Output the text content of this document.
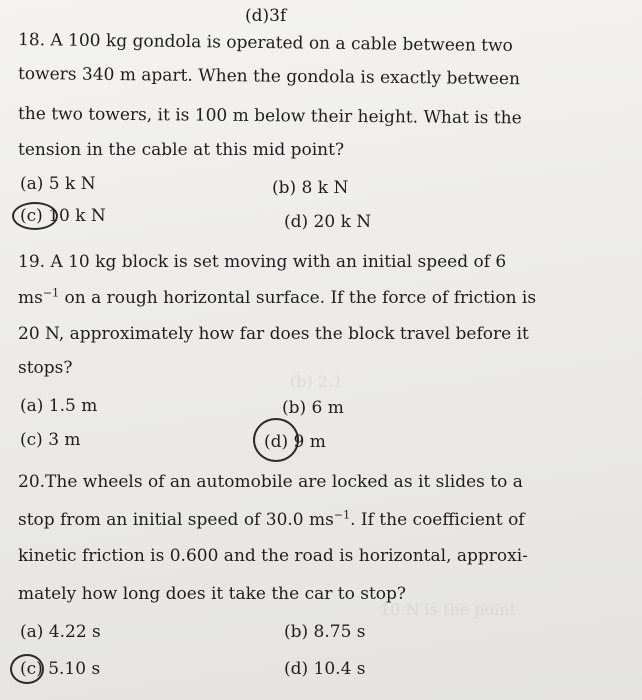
(b) 2.1
10 N is the point
(d)3f
18. A 100 kg gondola is operated on a cable between two
towers 340 m apart. When the gondola is exactly between
the two towers, it is 100 m below their height. What is the
tension in the cable at this mid point?
(a) 5 k N	(b) 8 k N
(c) 10 k N	(d) 20 k N
19. A 10 kg block is set moving with an initial speed of 6
$ms^{-1}$ on a rough horizontal surface. If the force of friction is
20 N, approximately how far does the block travel before it
stops?
(a) 1.5 m	(b) 6 m
(c) 3 m	(d) 9 m
20.The wheels of an automobile are locked as it slides to a
stop from an initial speed of 30.0 $ms^{-1}$. If the coefficient of
kinetic friction is 0.600 and the road is horizontal, approxi-
mately how long does it take the car to stop?
(a) 4.22 s	(b) 8.75 s
(c) 5.10 s	(d) 10.4 s
